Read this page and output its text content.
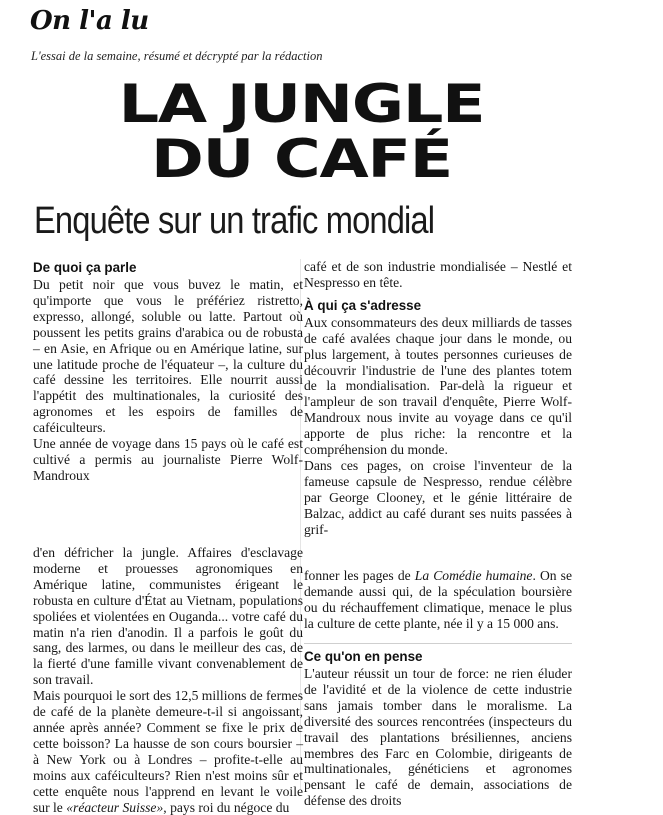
On l'a lu
L'essai de la semaine, résumé et décrypté par la rédaction
LA JUNGLE
DU CAFÉ
Enquête sur un trafic mondial
De quoi ça parle

Du petit noir que vous buvez le matin, et qu'importe que vous le préfériez ristretto, expresso, allongé, soluble ou latte. Partout où poussent les petits grains d'arabica ou de robusta – en Asie, en Afrique ou en Amérique latine, sur une latitude proche de l'équateur –, la culture du café dessine les territoires. Elle nourrit aussi l'appétit des multinationales, la curiosité des agronomes et les espoirs de familles de caféiculteurs.

Une année de voyage dans 15 pays où le café est cultivé a permis au journaliste Pierre Wolf-Mandroux

d'en défricher la jungle. Affaires d'esclavage moderne et prouesses agronomiques en Amérique latine, communistes érigeant le robusta en culture d'État au Vietnam, populations spoliées et violentées en Ouganda... votre café du matin n'a rien d'anodin. Il a parfois le goût du sang, des larmes, ou dans le meilleur des cas, de la fierté d'une famille vivant convenablement de son travail.

Mais pourquoi le sort des 12,5 millions de fermes de café de la planète demeure-t-il si angoissant, année après année? Comment se fixe le prix de cette boisson? La hausse de son cours boursier – à New York ou à Londres – profite-t-elle au moins aux caféiculteurs? Rien n'est moins sûr et cette enquête nous l'apprend en levant le voile sur le «réacteur Suisse», pays roi du négoce du

café et de son industrie mondialisée – Nestlé et Nespresso en tête.

À qui ça s'adresse

Aux consommateurs des deux milliards de tasses de café avalées chaque jour dans le monde, ou plus largement, à toutes personnes curieuses de découvrir l'industrie de l'une des plantes totem de la mondialisation. Par-delà la rigueur et l'ampleur de son travail d'enquête, Pierre Wolf-Mandroux nous invite au voyage dans ce qu'il apporte de plus riche: la rencontre et la compréhension du monde.

Dans ces pages, on croise l'inventeur de la fameuse capsule de Nespresso, rendue célèbre par George Clooney, et le génie littéraire de Balzac, addict au café durant ses nuits passées à grif-

fonner les pages de La Comédie humaine. On se demande aussi qui, de la spéculation boursière ou du réchauffement climatique, menace le plus la culture de cette plante, née il y a 15 000 ans.

Ce qu'on en pense

L'auteur réussit un tour de force: ne rien éluder de l'avidité et de la violence de cette industrie sans jamais tomber dans le moralisme. La diversité des sources rencontrées (inspecteurs du travail des plantations brésiliennes, anciens membres des Farc en Colombie, dirigeants de multinationales, généticiens et agronomes pensant le café de demain, associations de défense des droits
